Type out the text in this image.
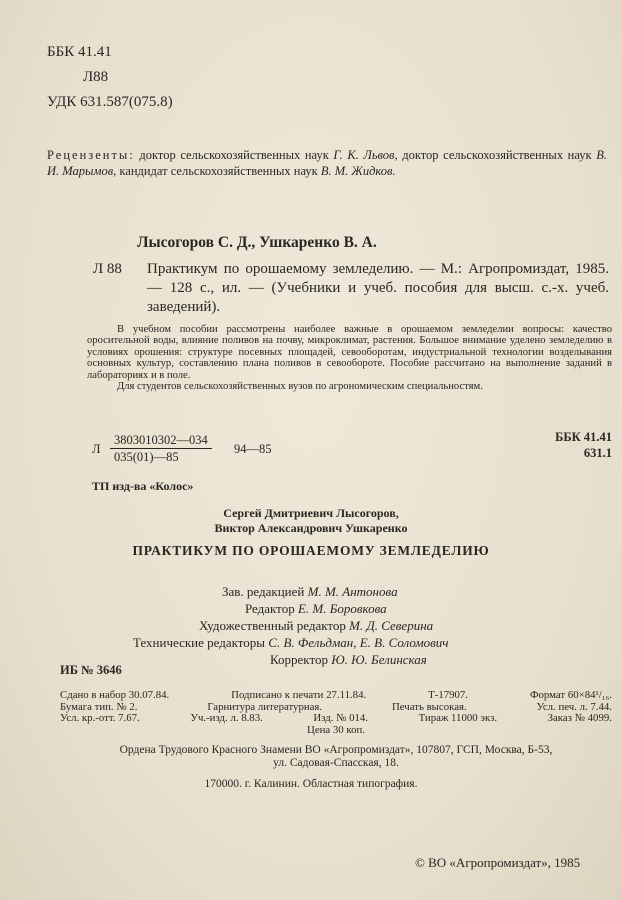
ББК 41.41
Л88
УДК 631.587(075.8)
Рецензенты: доктор сельскохозяйственных наук Г. К. Львов, доктор сельскохозяйственных наук В. И. Марымов, кандидат сельскохозяйственных наук В. М. Жидков.
Лысогоров С. Д., Ушкаренко В. А.
Л 88 Практикум по орошаемому земледелию. — М.: Агропромиздат, 1985. — 128 с., ил. — (Учебники и учеб. пособия для высш. с.-х. учеб. заведений).

В учебном пособии рассмотрены наиболее важные в орошаемом земледелии вопросы: качество оросительной воды, влияние поливов на почву, микроклимат, растения. Большое внимание уделено земледелию в условиях орошения: структуре посевных площадей, севооборотам, индустриальной технологии возделывания основных культур, составлению плана поливов в севообороте. Пособие рассчитано на выполнение заданий в лабораториях и в поле.

Для студентов сельскохозяйственных вузов по агрономическим специальностям.

Л $\frac{3803010302—034}{035(01)—85}$ 94—85
ББК 41.41
631.1
ТП изд-ва «Колос»
Сергей Дмитриевич Лысогоров,
Виктор Александрович Ушкаренко
ПРАКТИКУМ ПО ОРОШАЕМОМУ ЗЕМЛЕДЕЛИЮ
Зав. редакцией М. М. Антонова
Редактор Е. М. Боровкова
Художественный редактор М. Д. Северина
Технические редакторы С. В. Фельдман, Е. В. Соломович
Корректор Ю. Ю. Белинская
ИБ № 3646
Сдано в набор 30.07.84.	Подписано к печати 27.11.84.	Т-17907.	Формат 60×84¹/₁₆.
Бумага тип. № 2.	Гарнитура литературная.	Печать высокая.	Усл. печ. л. 7.44.
Усл. кр.-отт. 7.67.	Уч.-изд. л. 8.83.	Изд. № 014.	Тираж 11000 экз.	Заказ № 4099.
Цена 30 коп.
Ордена Трудового Красного Знамени ВО «Агропромиздат», 107807, ГСП, Москва, Б-53,
ул. Садовая-Спасская, 18.
170000. г. Калинин. Областная типография.
© ВО «Агропромиздат», 1985
